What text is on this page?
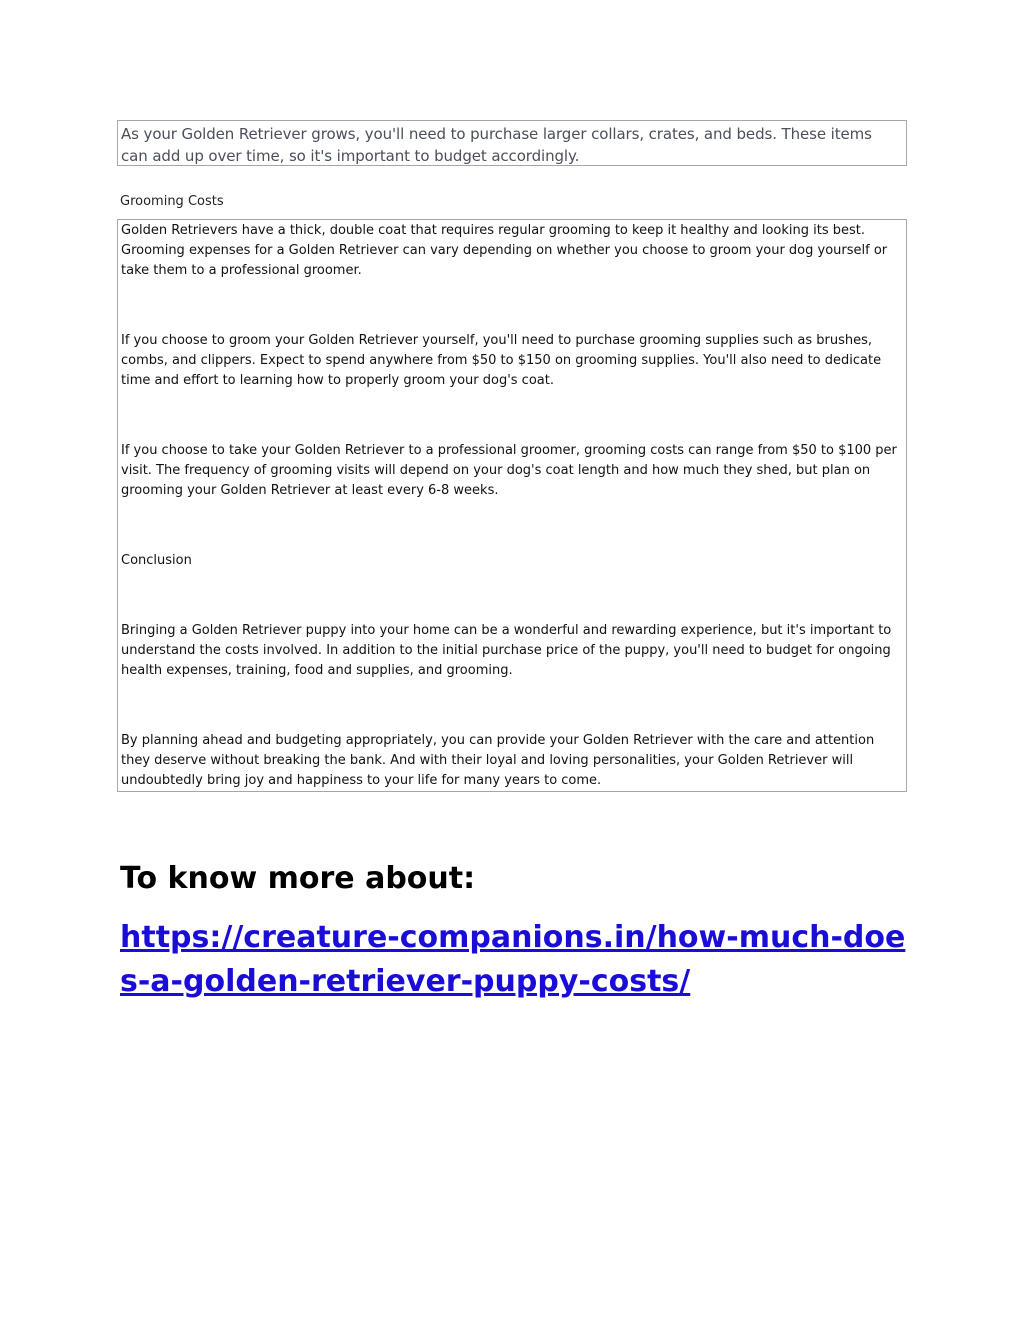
As your Golden Retriever grows, you'll need to purchase larger collars, crates, and beds. These items can add up over time, so it's important to budget accordingly.

Grooming Costs

Golden Retrievers have a thick, double coat that requires regular grooming to keep it healthy and looking its best. Grooming expenses for a Golden Retriever can vary depending on whether you choose to groom your dog yourself or take them to a professional groomer.

If you choose to groom your Golden Retriever yourself, you'll need to purchase grooming supplies such as brushes, combs, and clippers. Expect to spend anywhere from $50 to $150 on grooming supplies. You'll also need to dedicate time and effort to learning how to properly groom your dog's coat.

If you choose to take your Golden Retriever to a professional groomer, grooming costs can range from $50 to $100 per visit. The frequency of grooming visits will depend on your dog's coat length and how much they shed, but plan on grooming your Golden Retriever at least every 6-8 weeks.

Conclusion

Bringing a Golden Retriever puppy into your home can be a wonderful and rewarding experience, but it's important to understand the costs involved. In addition to the initial purchase price of the puppy, you'll need to budget for ongoing health expenses, training, food and supplies, and grooming.

By planning ahead and budgeting appropriately, you can provide your Golden Retriever with the care and attention they deserve without breaking the bank. And with their loyal and loving personalities, your Golden Retriever will undoubtedly bring joy and happiness to your life for many years to come.

To know more about:
https://creature-companions.in/how-much-does-a-golden-retriever-puppy-costs/
